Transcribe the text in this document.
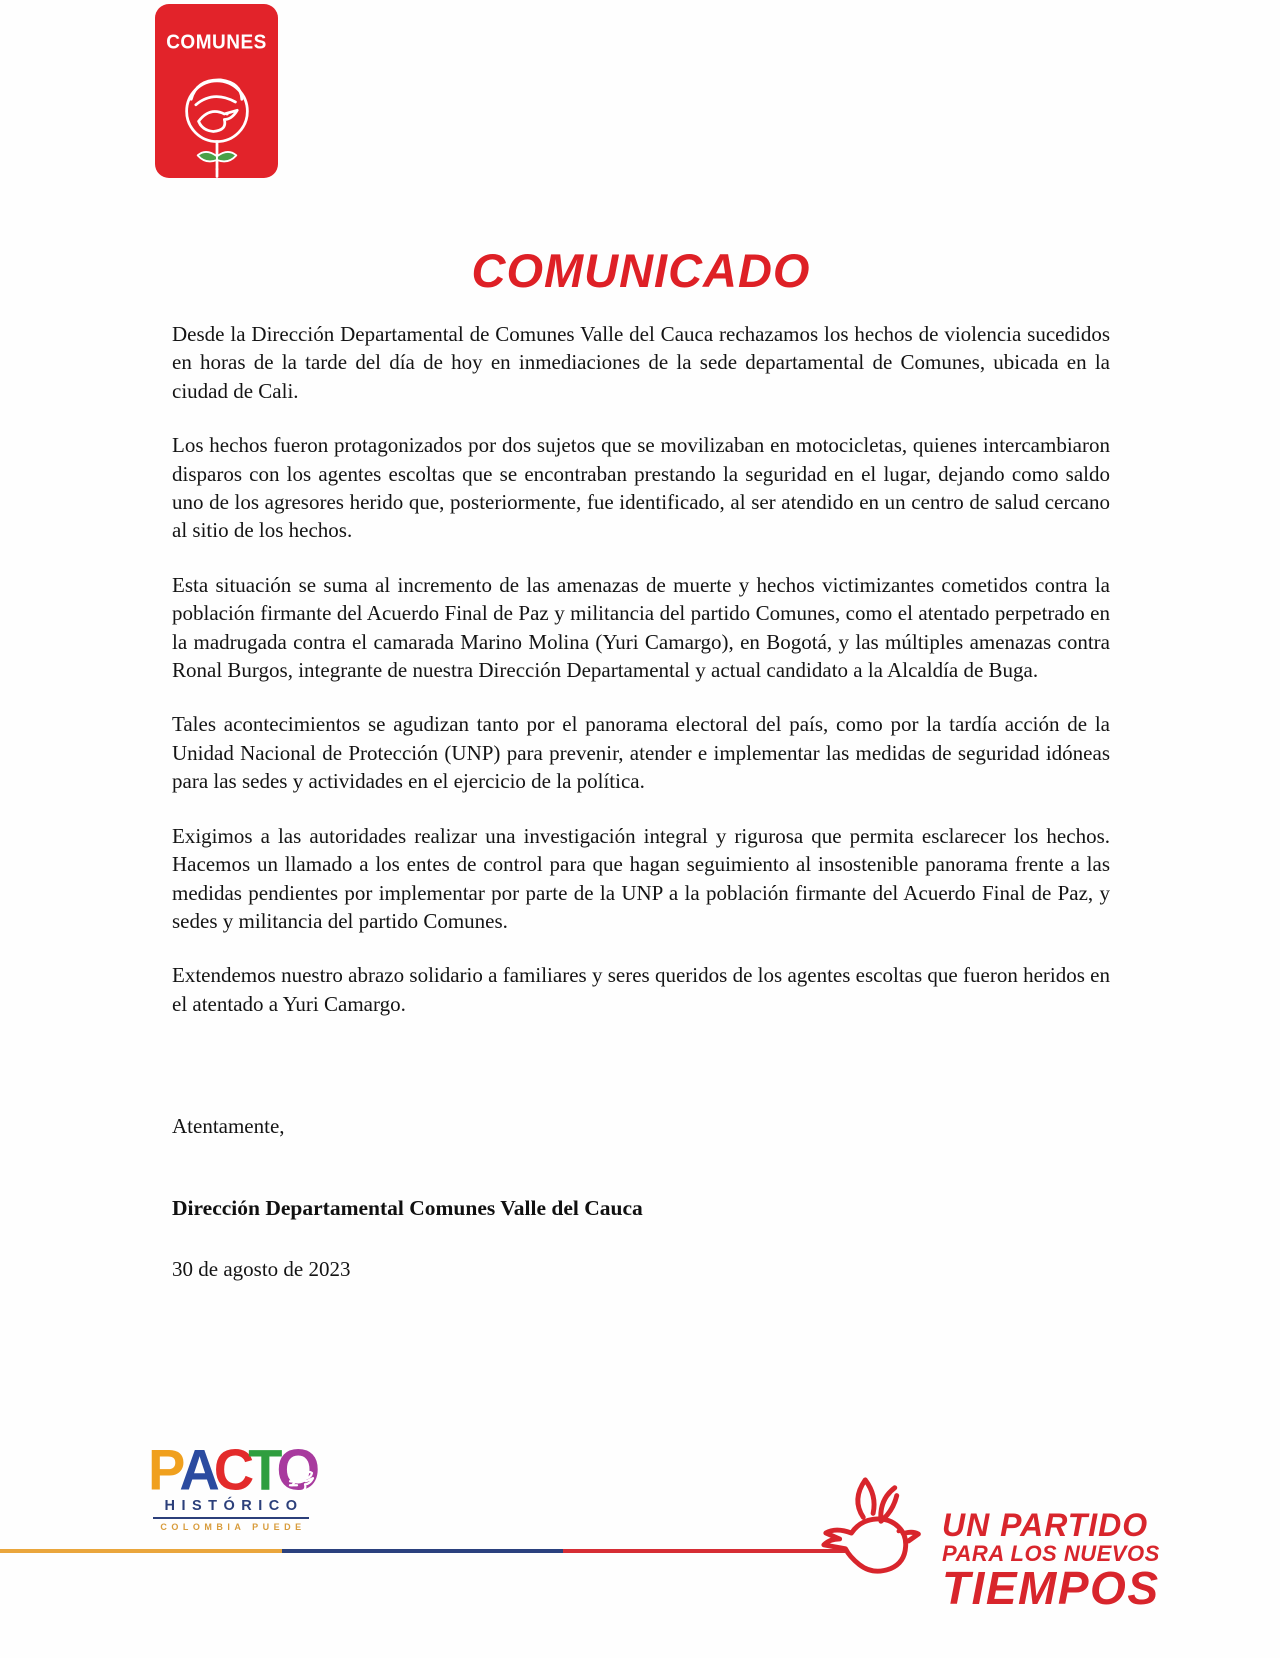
COMUNES
COMUNICADO

Desde la Dirección Departamental de Comunes Valle del Cauca rechazamos los hechos de violencia sucedidos en horas de la tarde del día de hoy en inmediaciones de la sede departamental de Comunes, ubicada en la ciudad de Cali.

Los hechos fueron protagonizados por dos sujetos que se movilizaban en motocicletas, quienes intercambiaron disparos con los agentes escoltas que se encontraban prestando la seguridad en el lugar, dejando como saldo uno de los agresores herido que, posteriormente, fue identificado, al ser atendido en un centro de salud cercano al sitio de los hechos.

Esta situación se suma al incremento de las amenazas de muerte y hechos victimizantes cometidos contra la población firmante del Acuerdo Final de Paz y militancia del partido Comunes, como el atentado perpetrado en la madrugada contra el camarada Marino Molina (Yuri Camargo), en Bogotá, y las múltiples amenazas contra Ronal Burgos, integrante de nuestra Dirección Departamental y actual candidato a la Alcaldía de Buga.

Tales acontecimientos se agudizan tanto por el panorama electoral del país, como por la tardía acción de la Unidad Nacional de Protección (UNP) para prevenir, atender e implementar las medidas de seguridad idóneas para las sedes y actividades en el ejercicio de la política.

Exigimos a las autoridades realizar una investigación integral y rigurosa que permita esclarecer los hechos. Hacemos un llamado a los entes de control para que hagan seguimiento al insostenible panorama frente a las medidas pendientes por implementar por parte de la UNP a la población firmante del Acuerdo Final de Paz, y sedes y militancia del partido Comunes.

Extendemos nuestro abrazo solidario a familiares y seres queridos de los agentes escoltas que fueron heridos en el atentado a Yuri Camargo.

Atentamente,

Dirección Departamental Comunes Valle del Cauca

30 de agosto de 2023

PACTO
HISTÓRICO
COLOMBIA PUEDE	UN PARTIDO
PARA LOS NUEVOS
TIEMPOS
